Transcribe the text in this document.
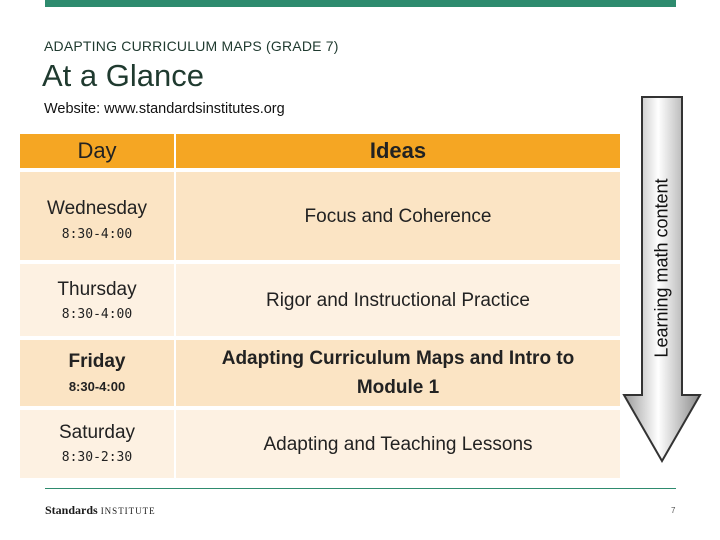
ADAPTING CURRICULUM MAPS (GRADE 7)
At a Glance
Website: www.standardsinstitutes.org
Day	Ideas
Wednesday
8:30-4:00
Focus and Coherence
Thursday
8:30-4:00
Rigor and Instructional Practice
Friday
8:30-4:00
Adapting Curriculum Maps and Intro to Module 1
Saturday
8:30-2:30
Adapting and Teaching Lessons
Learning math content
Standards INSTITUTE	7
